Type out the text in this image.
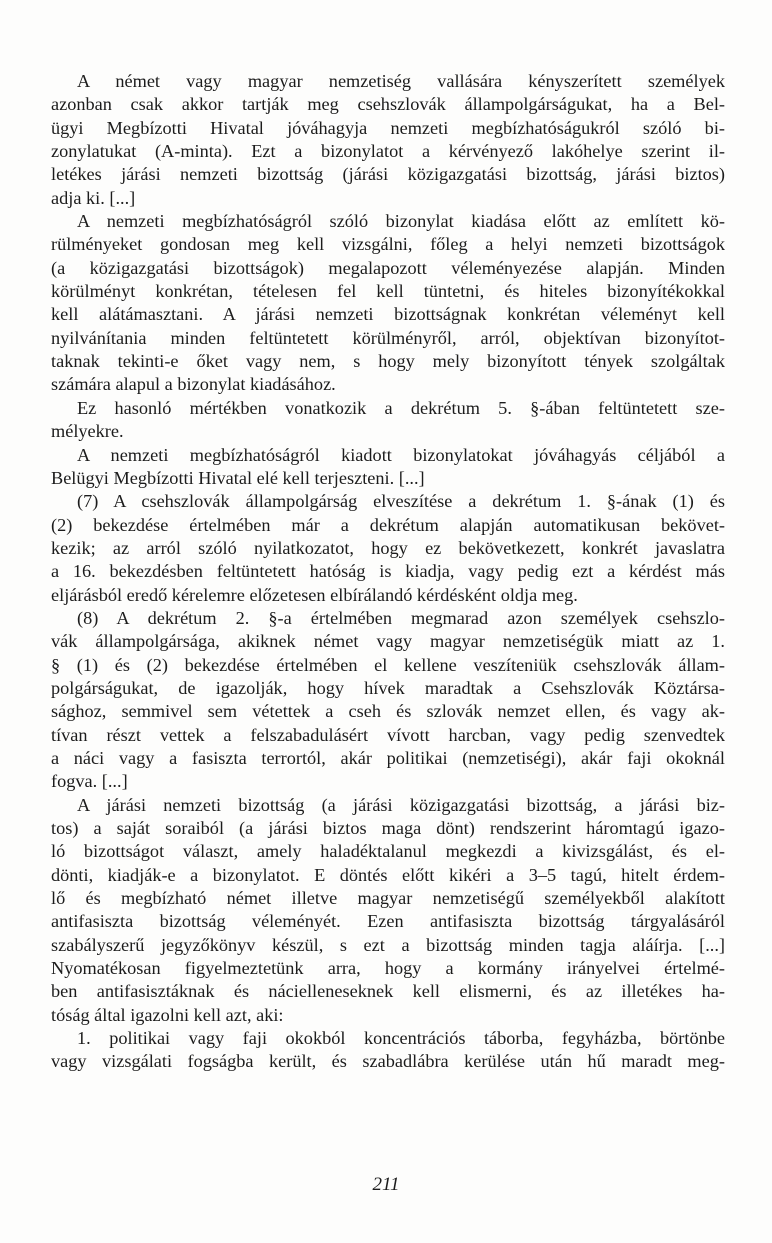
A német vagy magyar nemzetiség vallására kényszerített személyek
azonban csak akkor tartják meg csehszlovák állampolgárságukat, ha a Bel-
ügyi Megbízotti Hivatal jóváhagyja nemzeti megbízhatóságukról szóló bi-
zonylatukat (A-minta). Ezt a bizonylatot a kérvényező lakóhelye szerint il-
letékes járási nemzeti bizottság (járási közigazgatási bizottság, járási biztos)
adja ki. [...]
A nemzeti megbízhatóságról szóló bizonylat kiadása előtt az említett kö-
rülményeket gondosan meg kell vizsgálni, főleg a helyi nemzeti bizottságok
(a közigazgatási bizottságok) megalapozott véleményezése alapján. Minden
körülményt konkrétan, tételesen fel kell tüntetni, és hiteles bizonyítékokkal
kell alátámasztani. A járási nemzeti bizottságnak konkrétan véleményt kell
nyilvánítania minden feltüntetett körülményről, arról, objektívan bizonyítot-
taknak tekinti-e őket vagy nem, s hogy mely bizonyított tények szolgáltak
számára alapul a bizonylat kiadásához.
Ez hasonló mértékben vonatkozik a dekrétum 5. §-ában feltüntetett sze-
mélyekre.
A nemzeti megbízhatóságról kiadott bizonylatokat jóváhagyás céljából a
Belügyi Megbízotti Hivatal elé kell terjeszteni. [...]
(7) A csehszlovák állampolgárság elveszítése a dekrétum 1. §-ának (1) és
(2) bekezdése értelmében már a dekrétum alapján automatikusan bekövet-
kezik; az arról szóló nyilatkozatot, hogy ez bekövetkezett, konkrét javaslatra
a 16. bekezdésben feltüntetett hatóság is kiadja, vagy pedig ezt a kérdést más
eljárásból eredő kérelemre előzetesen elbírálandó kérdésként oldja meg.
(8) A dekrétum 2. §-a értelmében megmarad azon személyek csehszlo-
vák állampolgársága, akiknek német vagy magyar nemzetiségük miatt az 1.
§ (1) és (2) bekezdése értelmében el kellene veszíteniük csehszlovák állam-
polgárságukat, de igazolják, hogy hívek maradtak a Csehszlovák Köztársa-
sághoz, semmivel sem vétettek a cseh és szlovák nemzet ellen, és vagy ak-
tívan részt vettek a felszabadulásért vívott harcban, vagy pedig szenvedtek
a náci vagy a fasiszta terrortól, akár politikai (nemzetiségi), akár faji okoknál
fogva. [...]
A járási nemzeti bizottság (a járási közigazgatási bizottság, a járási biz-
tos) a saját soraiból (a járási biztos maga dönt) rendszerint háromtagú igazo-
ló bizottságot választ, amely haladéktalanul megkezdi a kivizsgálást, és el-
dönti, kiadják-e a bizonylatot. E döntés előtt kikéri a 3–5 tagú, hitelt érdem-
lő és megbízható német illetve magyar nemzetiségű személyekből alakított
antifasiszta bizottság véleményét. Ezen antifasiszta bizottság tárgyalásáról
szabályszerű jegyzőkönyv készül, s ezt a bizottság minden tagja aláírja. [...]
Nyomatékosan figyelmeztetünk arra, hogy a kormány irányelvei értelmé-
ben antifasisztáknak és nácielleneseknek kell elismerni, és az illetékes ha-
tóság által igazolni kell azt, aki:
1. politikai vagy faji okokból koncentrációs táborba, fegyházba, börtönbe
vagy vizsgálati fogságba került, és szabadlábra kerülése után hű maradt meg-
211
